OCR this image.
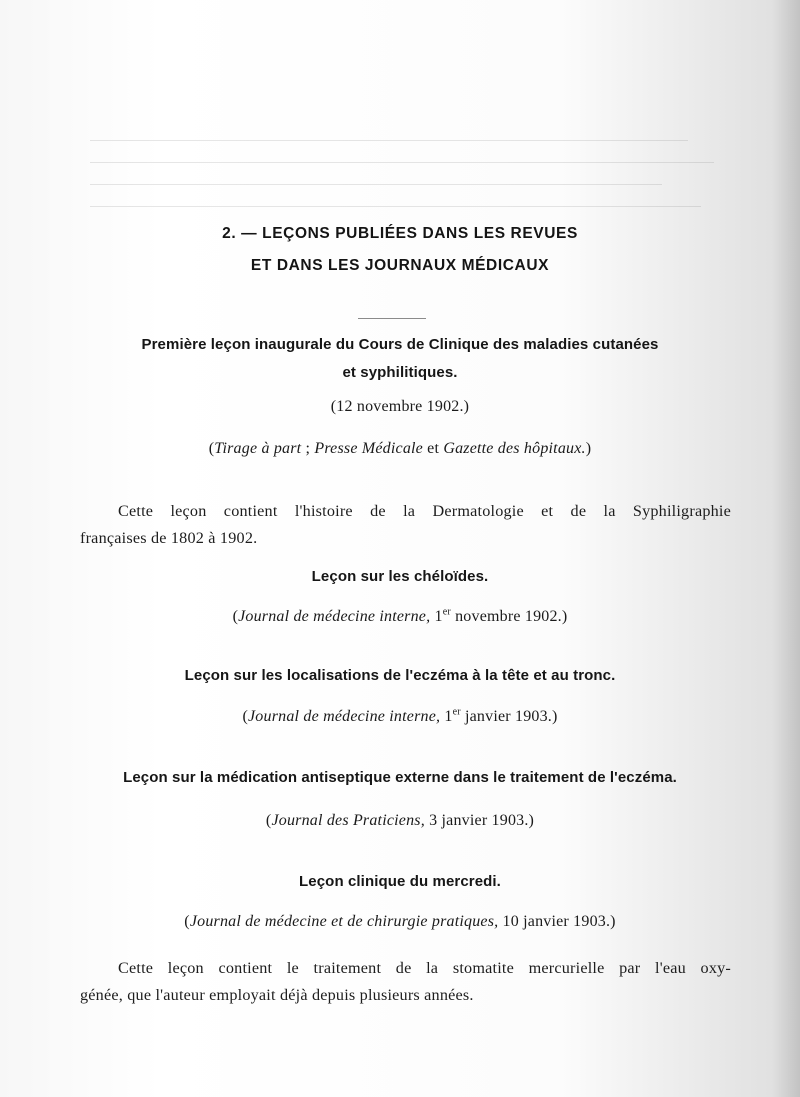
2. — LEÇONS PUBLIÉES DANS LES REVUES
ET DANS LES JOURNAUX MÉDICAUX
Première leçon inaugurale du Cours de Clinique des maladies cutanées
et syphilitiques.
(12 novembre 1902.)
(Tirage à part ; Presse Médicale et Gazette des hôpitaux.)
Cette leçon contient l'histoire de la Dermatologie et de la Syphiligraphie
françaises de 1802 à 1902.
Leçon sur les chéloïdes.
(Journal de médecine interne, 1er novembre 1902.)
Leçon sur les localisations de l'eczéma à la tête et au tronc.
(Journal de médecine interne, 1er janvier 1903.)
Leçon sur la médication antiseptique externe dans le traitement de l'eczéma.
(Journal des Praticiens, 3 janvier 1903.)
Leçon clinique du mercredi.
(Journal de médecine et de chirurgie pratiques, 10 janvier 1903.)
Cette leçon contient le traitement de la stomatite mercurielle par l'eau oxy-
génée, que l'auteur employait déjà depuis plusieurs années.
